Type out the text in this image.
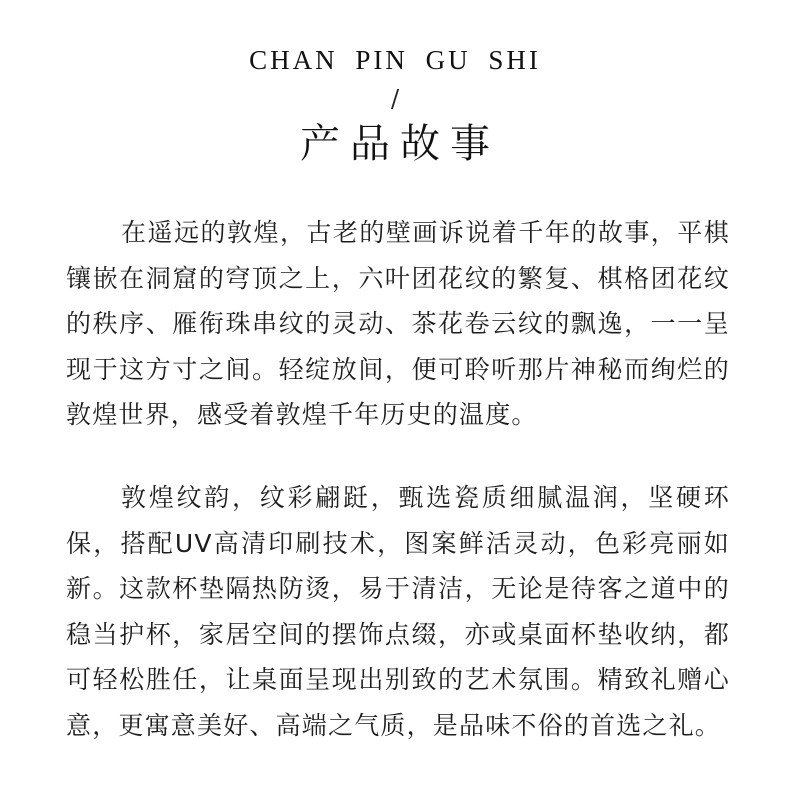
CHAN PIN GU SHI

/
产品故事

在遥远的敦煌，古老的壁画诉说着千年的故事，平棋镶嵌在洞窟的穹顶之上，六叶团花纹的繁复、棋格团花纹的秩序、雁衔珠串纹的灵动、茶花卷云纹的飘逸，一一呈现于这方寸之间。轻绽放间，便可聆听那片神秘而绚烂的敦煌世界，感受着敦煌千年历史的温度。

敦煌纹韵，纹彩翩跹，甄选瓷质细腻温润，坚硬环保，搭配UV高清印刷技术，图案鲜活灵动，色彩亮丽如新。这款杯垫隔热防烫，易于清洁，无论是待客之道中的稳当护杯，家居空间的摆饰点缀，亦或桌面杯垫收纳，都可轻松胜任，让桌面呈现出别致的艺术氛围。精致礼赠心意，更寓意美好、高端之气质，是品味不俗的首选之礼。
